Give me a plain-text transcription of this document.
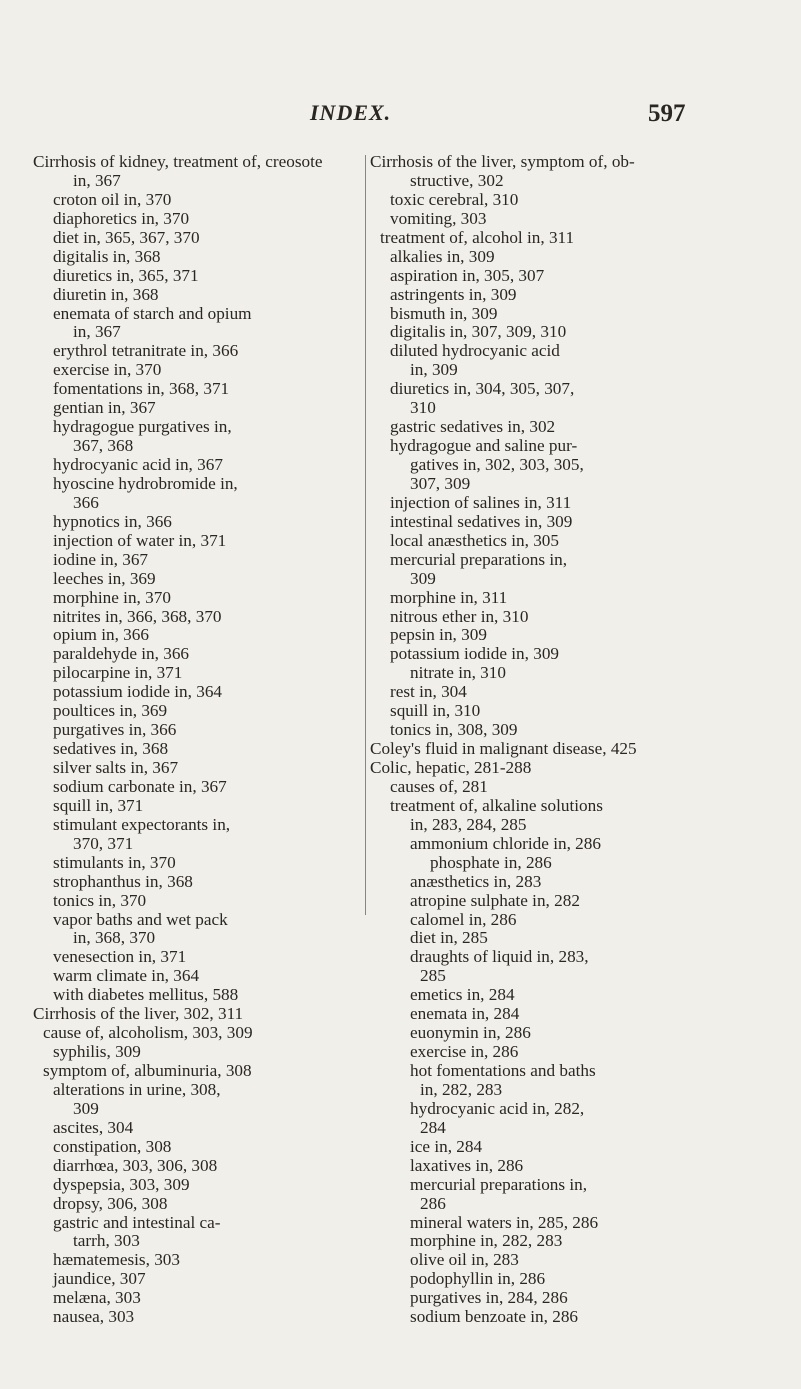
INDEX.	597
Cirrhosis of kidney, treatment of, creosote
in, 367
croton oil in, 370
diaphoretics in, 370
diet in, 365, 367, 370
digitalis in, 368
diuretics in, 365, 371
diuretin in, 368
enemata of starch and opium
in, 367
erythrol tetranitrate in, 366
exercise in, 370
fomentations in, 368, 371
gentian in, 367
hydragogue purgatives in,
367, 368
hydrocyanic acid in, 367
hyoscine hydrobromide in,
366
hypnotics in, 366
injection of water in, 371
iodine in, 367
leeches in, 369
morphine in, 370
nitrites in, 366, 368, 370
opium in, 366
paraldehyde in, 366
pilocarpine in, 371
potassium iodide in, 364
poultices in, 369
purgatives in, 366
sedatives in, 368
silver salts in, 367
sodium carbonate in, 367
squill in, 371
stimulant expectorants in,
370, 371
stimulants in, 370
strophanthus in, 368
tonics in, 370
vapor baths and wet pack
in, 368, 370
venesection in, 371
warm climate in, 364
with diabetes mellitus, 588
Cirrhosis of the liver, 302, 311
cause of, alcoholism, 303, 309
syphilis, 309
symptom of, albuminuria, 308
alterations in urine, 308,
309
ascites, 304
constipation, 308
diarrhœa, 303, 306, 308
dyspepsia, 303, 309
dropsy, 306, 308
gastric and intestinal ca-
tarrh, 303
hæmatemesis, 303
jaundice, 307
melæna, 303
nausea, 303
Cirrhosis of the liver, symptom of, ob-
structive, 302
toxic cerebral, 310
vomiting, 303
treatment of, alcohol in, 311
alkalies in, 309
aspiration in, 305, 307
astringents in, 309
bismuth in, 309
digitalis in, 307, 309, 310
diluted hydrocyanic acid
in, 309
diuretics in, 304, 305, 307,
310
gastric sedatives in, 302
hydragogue and saline pur-
gatives in, 302, 303, 305,
307, 309
injection of salines in, 311
intestinal sedatives in, 309
local anæsthetics in, 305
mercurial preparations in,
309
morphine in, 311
nitrous ether in, 310
pepsin in, 309
potassium iodide in, 309
nitrate in, 310
rest in, 304
squill in, 310
tonics in, 308, 309
Coley's fluid in malignant disease, 425
Colic, hepatic, 281-288
causes of, 281
treatment of, alkaline solutions
in, 283, 284, 285
ammonium chloride in, 286
phosphate in, 286
anæsthetics in, 283
atropine sulphate in, 282
calomel in, 286
diet in, 285
draughts of liquid in, 283,
285
emetics in, 284
enemata in, 284
euonymin in, 286
exercise in, 286
hot fomentations and baths
in, 282, 283
hydrocyanic acid in, 282,
284
ice in, 284
laxatives in, 286
mercurial preparations in,
286
mineral waters in, 285, 286
morphine in, 282, 283
olive oil in, 283
podophyllin in, 286
purgatives in, 284, 286
sodium benzoate in, 286
